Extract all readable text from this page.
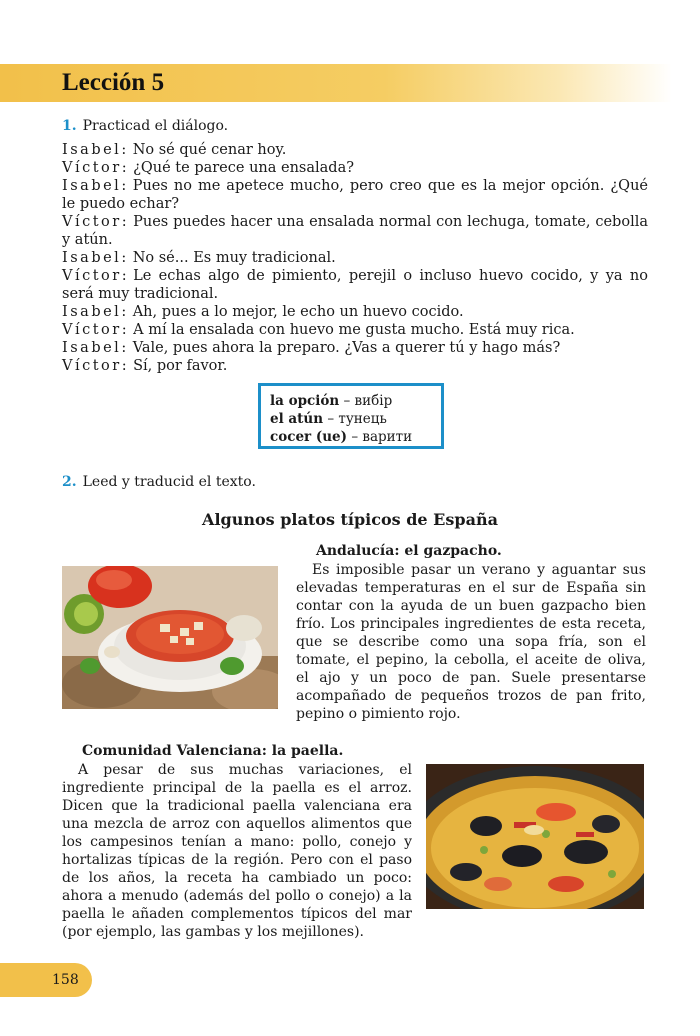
Lección 5
1. Practicad el diálogo.

Isabel: No sé qué cenar hoy.

Víctor: ¿Qué te parece una ensalada?

Isabel: Pues no me apetece mucho, pero creo que es la mejor opción. ¿Qué le puedo echar?

Víctor: Pues puedes hacer una ensalada normal con lechuga, tomate, cebolla y atún.

Isabel: No sé... Es muy tradicional.

Víctor: Le echas algo de pimiento, perejil o incluso huevo cocido, y ya no será muy tradicional.

Isabel: Ah, pues a lo mejor, le echo un huevo cocido.

Víctor: A mí la ensalada con huevo me gusta mucho. Está muy rica.

Isabel: Vale, pues ahora la preparo. ¿Vas a querer tú y hago más?

Víctor: Sí, por favor.

la opción – вибір
el atún – тунець
cocer (ue) – варити
2. Leed y traducid el texto.
Algunos platos típicos de España
Andalucía: el gazpacho.

Es imposible pasar un verano y aguantar sus elevadas temperaturas en el sur de España sin contar con la ayuda de un buen gazpacho bien frío. Los principales ingredientes de esta receta, que se describe como una sopa fría, son el tomate, el pepino, la cebolla, el aceite de oliva, el ajo y un poco de pan. Suele presentarse acompañado de pequeños trozos de pan frito, pepino o pimiento rojo.

Comunidad Valenciana: la paella.

A pesar de sus muchas variaciones, el ingrediente principal de la paella es el arroz. Dicen que la tradicional paella valenciana era una mezcla de arroz con aquellos alimentos que los campesinos tenían a mano: pollo, conejo y hortalizas típicas de la región. Pero con el paso de los años, la receta ha cambiado un poco: ahora a menudo (además del pollo o conejo) a la paella le añaden complementos típicos del mar (por ejemplo, las gambas y los mejillones).

158
